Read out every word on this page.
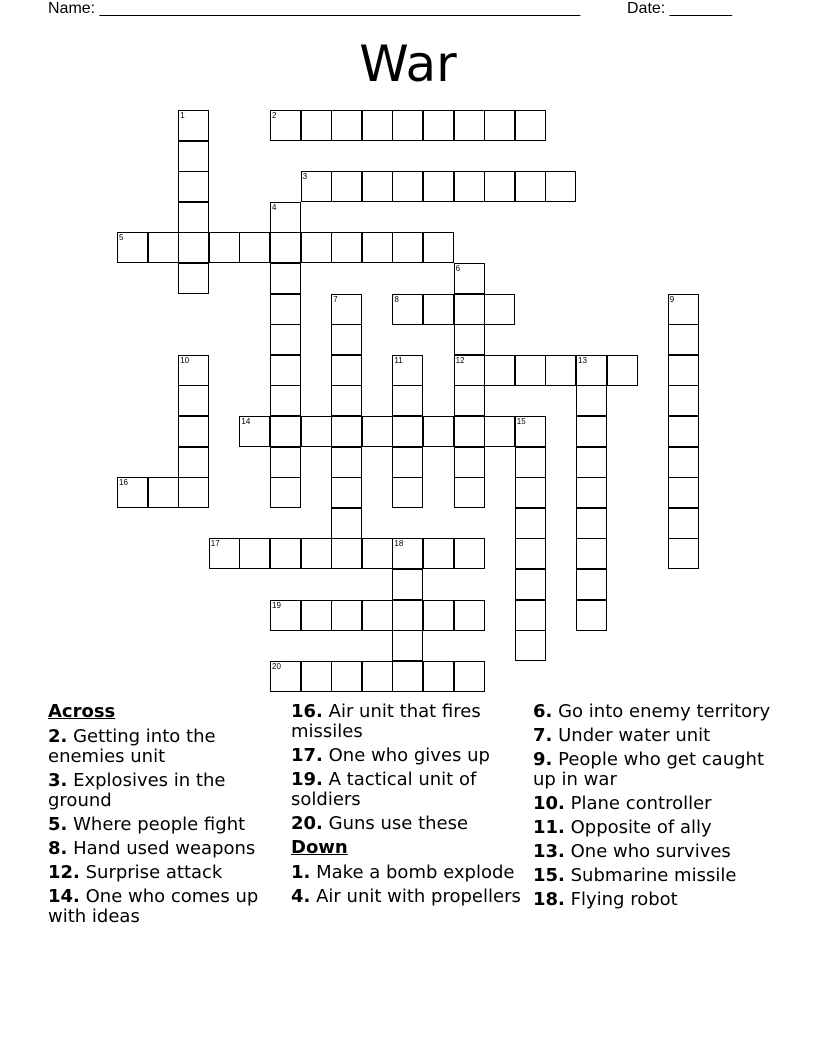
Name: ______________________________________________________	Date: _______
War
1	2
3
4
5
6
12
7	8	9
10	11	13
14	15
16
17	18
19
20
Across
2. Getting into the enemies unit
3. Explosives in the ground
5. Where people fight
8. Hand used weapons
12. Surprise attack
14. One who comes up with ideas
16. Air unit that fires missiles
17. One who gives up
19. A tactical unit of soldiers
20. Guns use these
Down
1. Make a bomb explode
4. Air unit with propellers
6. Go into enemy territory
7. Under water unit
9. People who get caught up in war
10. Plane controller
11. Opposite of ally
13. One who survives
15. Submarine missile
18. Flying robot
